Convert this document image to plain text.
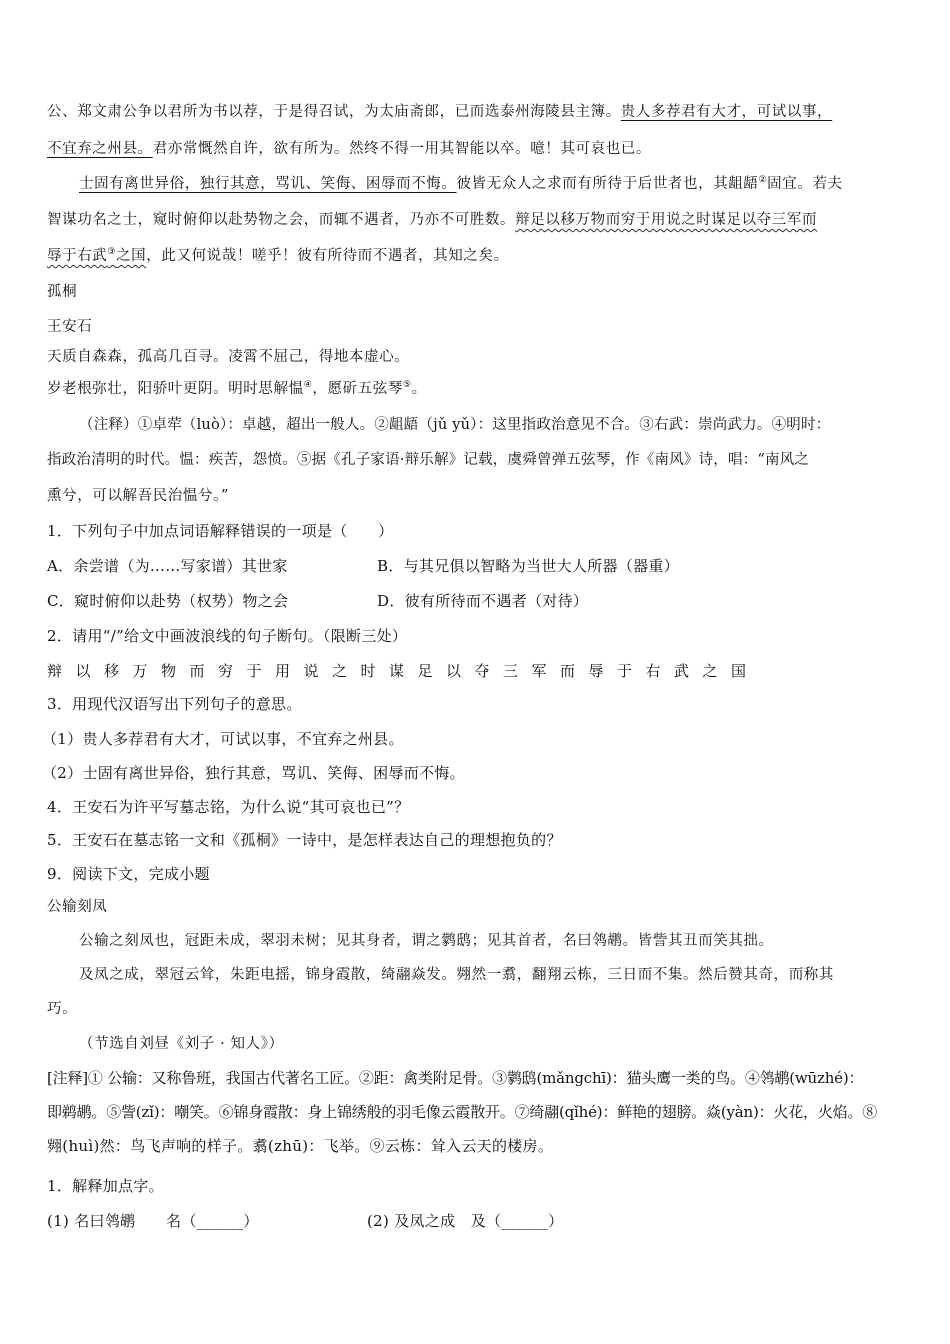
公、郑文肃公争以君所为书以荐，于是得召试，为太庙斋郎，已而选泰州海陵县主簿。贵人多荐君有大才，可试以事，
不宜弃之州县。君亦常慨然自许，欲有所为。然终不得一用其智能以卒。噫！其可哀也已。
士固有离世异俗，独行其意，骂讥、笑侮、困辱而不悔。彼皆无众人之求而有所待于后世者也，其龃龉②固宜。若夫
智谋功名之士，窥时俯仰以赴势物之会，而辄不遇者，乃亦不可胜数。辩足以移万物而穷于用说之时谋足以夺三军而
辱于右武③之国，此又何说哉！嗟乎！彼有所待而不遇者，其知之矣。
孤桐
王安石
天质自森森，孤高几百寻。凌霄不屈己，得地本虚心。
岁老根弥壮，阳骄叶更阴。明时思解愠④，愿斫五弦琴⑤。
（注释）①卓荦（luò）：卓越，超出一般人。②龃龉（jǔ yǔ）：这里指政治意见不合。③右武：崇尚武力。④明时：
指政治清明的时代。愠：疾苦，怨愤。⑤据《孔子家语·辩乐解》记载，虞舜曾弹五弦琴，作《南风》诗，唱：“南风之
熏兮，可以解吾民治愠兮。”
1．下列句子中加点词语解释错误的一项是（　　）
A．余尝谱（为……写家谱）其世家	B．与其兄俱以智略为当世大人所器（器重）
C．窥时俯仰以赴势（权势）物之会	D．彼有所待而不遇者（对待）
2．请用“/”给文中画波浪线的句子断句。（限断三处）
辩以移万物而穷于用说之时谋足以夺三军而辱于右武之国
3．用现代汉语写出下列句子的意思。
（1）贵人多荐君有大才，可试以事，不宜弃之州县。
（2）士固有离世异俗，独行其意，骂讥、笑侮、困辱而不悔。
4．王安石为许平写墓志铭，为什么说“其可哀也已”？
5．王安石在墓志铭一文和《孤桐》一诗中，是怎样表达自己的理想抱负的？
9．阅读下文，完成小题
公输刻凤
公输之刻凤也，冠距未成，翠羽未树；见其身者，谓之鹲鸱；见其首者，名曰鸰鹕。皆訾其丑而笑其拙。
及凤之成，翠冠云耸，朱距电摇，锦身霞散，绮翮焱发。翙然一翥，翻翔云栋，三日而不集。然后赞其奇，而称其
巧。
（节选自刘昼《刘子 · 知人》）
[注释]① 公输：又称鲁班，我国古代著名工匠。②距：禽类附足骨。③鹲鸱(mǎngchī)：猫头鹰一类的鸟。④鸰鹕(wūzhé)：
即鹈鹕。⑤訾(zǐ)：嘲笑。⑥锦身霞散：身上锦绣般的羽毛像云霞散开。⑦绮翮(qǐhé)：鲜艳的翅膀。焱(yàn)：火花，火焰。⑧
翙(huì)然：鸟飞声响的样子。翥(zhū)：飞举。⑨云栋：耸入云天的楼房。
1．解释加点字。
(1) 名曰鸰鹕　　名（______）	(2) 及凤之成　及（______）
